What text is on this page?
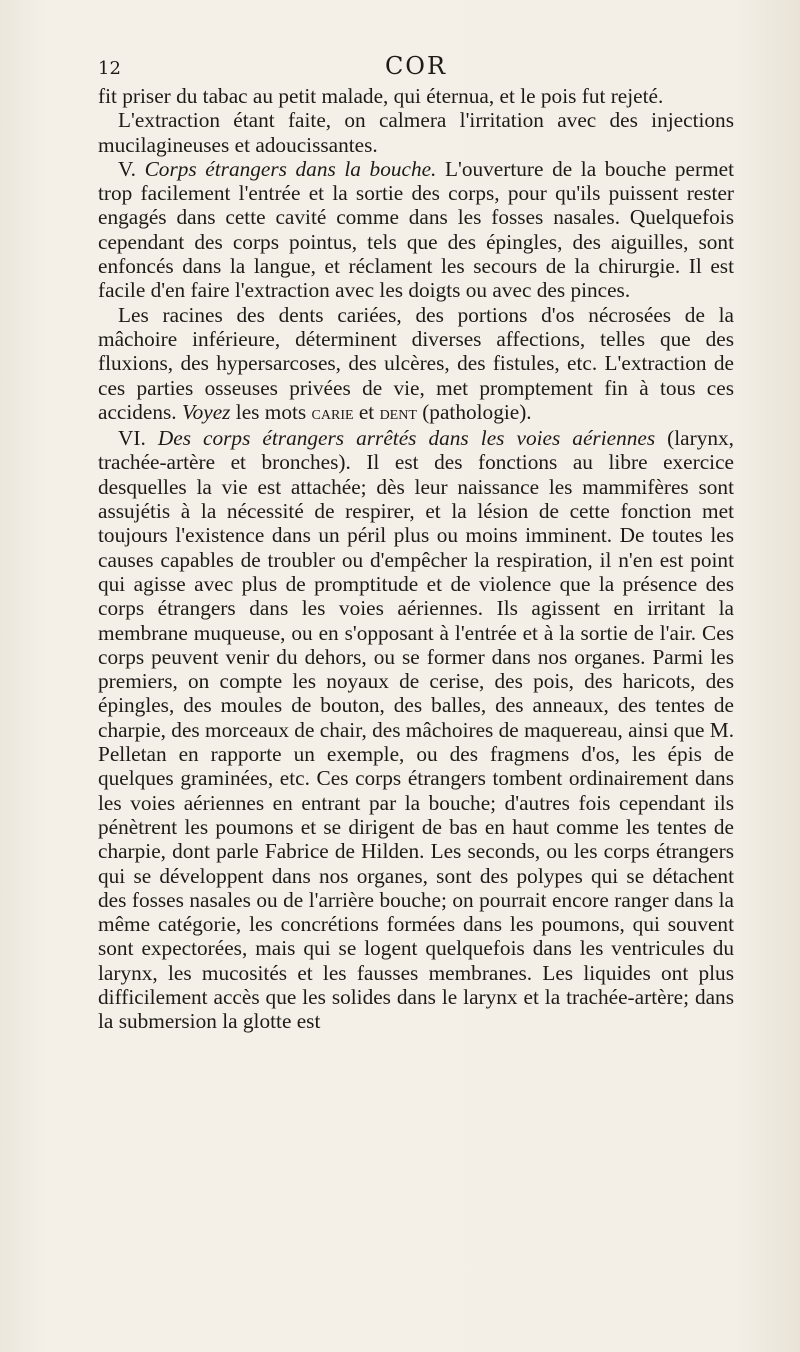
12	COR

fit priser du tabac au petit malade, qui éternua, et le pois fut rejeté.

L'extraction étant faite, on calmera l'irritation avec des injections mucilagineuses et adoucissantes.

V. Corps étrangers dans la bouche. L'ouverture de la bouche permet trop facilement l'entrée et la sortie des corps, pour qu'ils puissent rester engagés dans cette cavité comme dans les fosses nasales. Quelquefois cependant des corps pointus, tels que des épingles, des aiguilles, sont enfoncés dans la langue, et réclament les secours de la chirurgie. Il est facile d'en faire l'extraction avec les doigts ou avec des pinces.

Les racines des dents cariées, des portions d'os nécrosées de la mâchoire inférieure, déterminent diverses affections, telles que des fluxions, des hypersarcoses, des ulcères, des fistules, etc. L'extraction de ces parties osseuses privées de vie, met promptement fin à tous ces accidens. Voyez les mots carie et dent (pathologie).

VI. Des corps étrangers arrêtés dans les voies aériennes (larynx, trachée-artère et bronches). Il est des fonctions au libre exercice desquelles la vie est attachée; dès leur naissance les mammifères sont assujétis à la nécessité de respirer, et la lésion de cette fonction met toujours l'existence dans un péril plus ou moins imminent. De toutes les causes capables de troubler ou d'empêcher la respiration, il n'en est point qui agisse avec plus de promptitude et de violence que la présence des corps étrangers dans les voies aériennes. Ils agissent en irritant la membrane muqueuse, ou en s'opposant à l'entrée et à la sortie de l'air. Ces corps peuvent venir du dehors, ou se former dans nos organes. Parmi les premiers, on compte les noyaux de cerise, des pois, des haricots, des épingles, des moules de bouton, des balles, des anneaux, des tentes de charpie, des morceaux de chair, des mâchoires de maquereau, ainsi que M. Pelletan en rapporte un exemple, ou des fragmens d'os, les épis de quelques graminées, etc. Ces corps étrangers tombent ordinairement dans les voies aériennes en entrant par la bouche; d'autres fois cependant ils pénètrent les poumons et se dirigent de bas en haut comme les tentes de charpie, dont parle Fabrice de Hilden. Les seconds, ou les corps étrangers qui se développent dans nos organes, sont des polypes qui se détachent des fosses nasales ou de l'arrière bouche; on pourrait encore ranger dans la même catégorie, les concrétions formées dans les poumons, qui souvent sont expectorées, mais qui se logent quelquefois dans les ventricules du larynx, les mucosités et les fausses membranes. Les liquides ont plus difficilement accès que les solides dans le larynx et la trachée-artère; dans la submersion la glotte est
